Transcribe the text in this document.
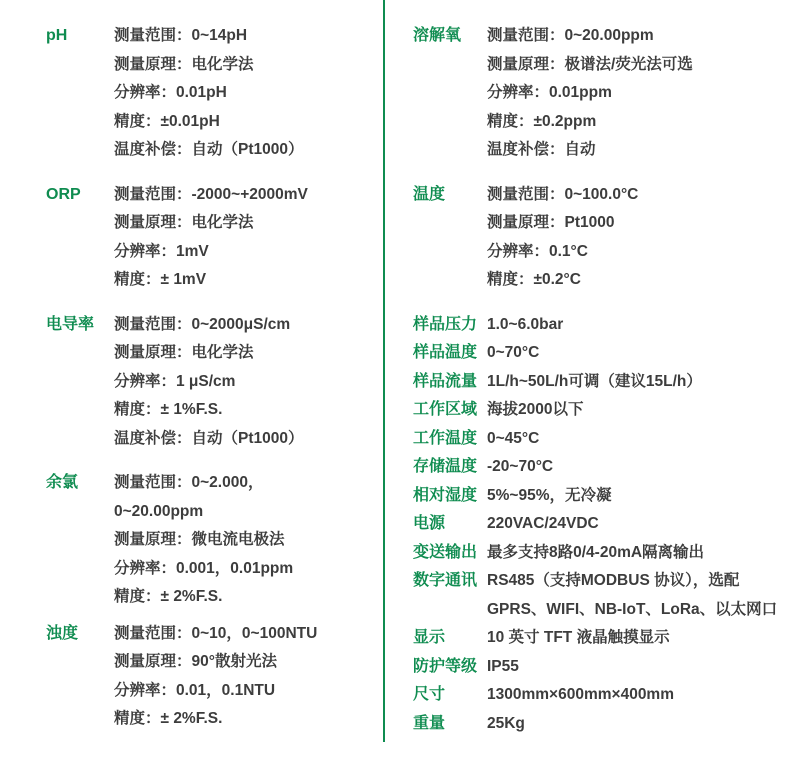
pH	测量范围：0~14pH
测量原理：电化学法
分辨率：0.01pH
精度：±0.01pH
温度补偿：自动（Pt1000）
ORP	测量范围：-2000~+2000mV
测量原理：电化学法
分辨率：1mV
精度：± 1mV
电导率	测量范围：0~2000μS/cm
测量原理：电化学法
分辨率：1 μS/cm
精度：± 1%F.S.
温度补偿：自动（Pt1000）
余氯	测量范围：0~2.000，
0~20.00ppm
测量原理：微电流电极法
分辨率：0.001，0.01ppm
精度：± 2%F.S.
浊度	测量范围：0~10，0~100NTU
测量原理：90°散射光法
分辨率：0.01，0.1NTU
精度：± 2%F.S.
溶解氧	测量范围：0~20.00ppm
测量原理：极谱法/荧光法可选
分辨率：0.01ppm
精度：±0.2ppm
温度补偿：自动
温度	测量范围：0~100.0°C
测量原理：Pt1000
分辨率：0.1°C
精度：±0.2°C
样品压力 1.0~6.0bar
样品温度 0~70°C
样品流量 1L/h~50L/h可调（建议15L/h）
工作区域 海拔2000以下
工作温度 0~45°C
存储温度 -20~70°C
相对湿度 5%~95%，无冷凝
电源	220VAC/24VDC
变送输出 最多支持8路0/4-20mA隔离输出
数字通讯 RS485（支持MODBUS 协议），选配
GPRS、WIFI、NB-IoT、LoRa、以太网口
显示	10 英寸 TFT 液晶触摸显示
防护等级 IP55
尺寸	1300mm×600mm×400mm
重量	25Kg
